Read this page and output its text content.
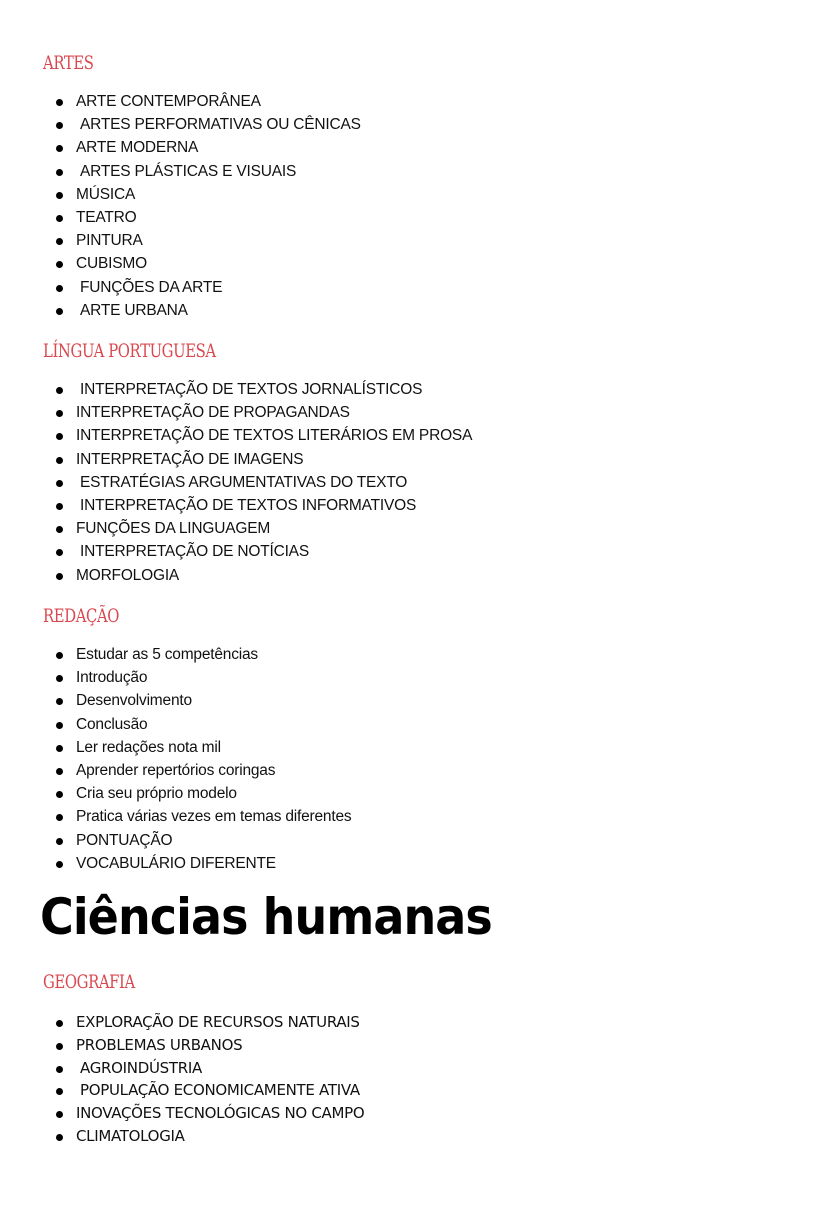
ARTES
ARTE CONTEMPORÂNEA
ARTES PERFORMATIVAS OU CÊNICAS
ARTE MODERNA
ARTES PLÁSTICAS E VISUAIS
MÚSICA
TEATRO
PINTURA
CUBISMO
FUNÇÕES DA ARTE
ARTE URBANA
LÍNGUA PORTUGUESA
INTERPRETAÇÃO DE TEXTOS JORNALÍSTICOS
INTERPRETAÇÃO DE PROPAGANDAS
INTERPRETAÇÃO DE TEXTOS LITERÁRIOS EM PROSA
INTERPRETAÇÃO DE IMAGENS
ESTRATÉGIAS ARGUMENTATIVAS DO TEXTO
INTERPRETAÇÃO DE TEXTOS INFORMATIVOS
FUNÇÕES DA LINGUAGEM
INTERPRETAÇÃO DE NOTÍCIAS
MORFOLOGIA
REDAÇÃO
Estudar as 5 competências
Introdução
Desenvolvimento
Conclusão
Ler redações nota mil
Aprender repertórios coringas
Cria seu próprio modelo
Pratica várias vezes em temas diferentes
PONTUAÇÃO
VOCABULÁRIO DIFERENTE
Ciências humanas
GEOGRAFIA
EXPLORAÇÃO DE RECURSOS NATURAIS
PROBLEMAS URBANOS
AGROINDÚSTRIA
POPULAÇÃO ECONOMICAMENTE ATIVA
INOVAÇÕES TECNOLÓGICAS NO CAMPO
CLIMATOLOGIA
